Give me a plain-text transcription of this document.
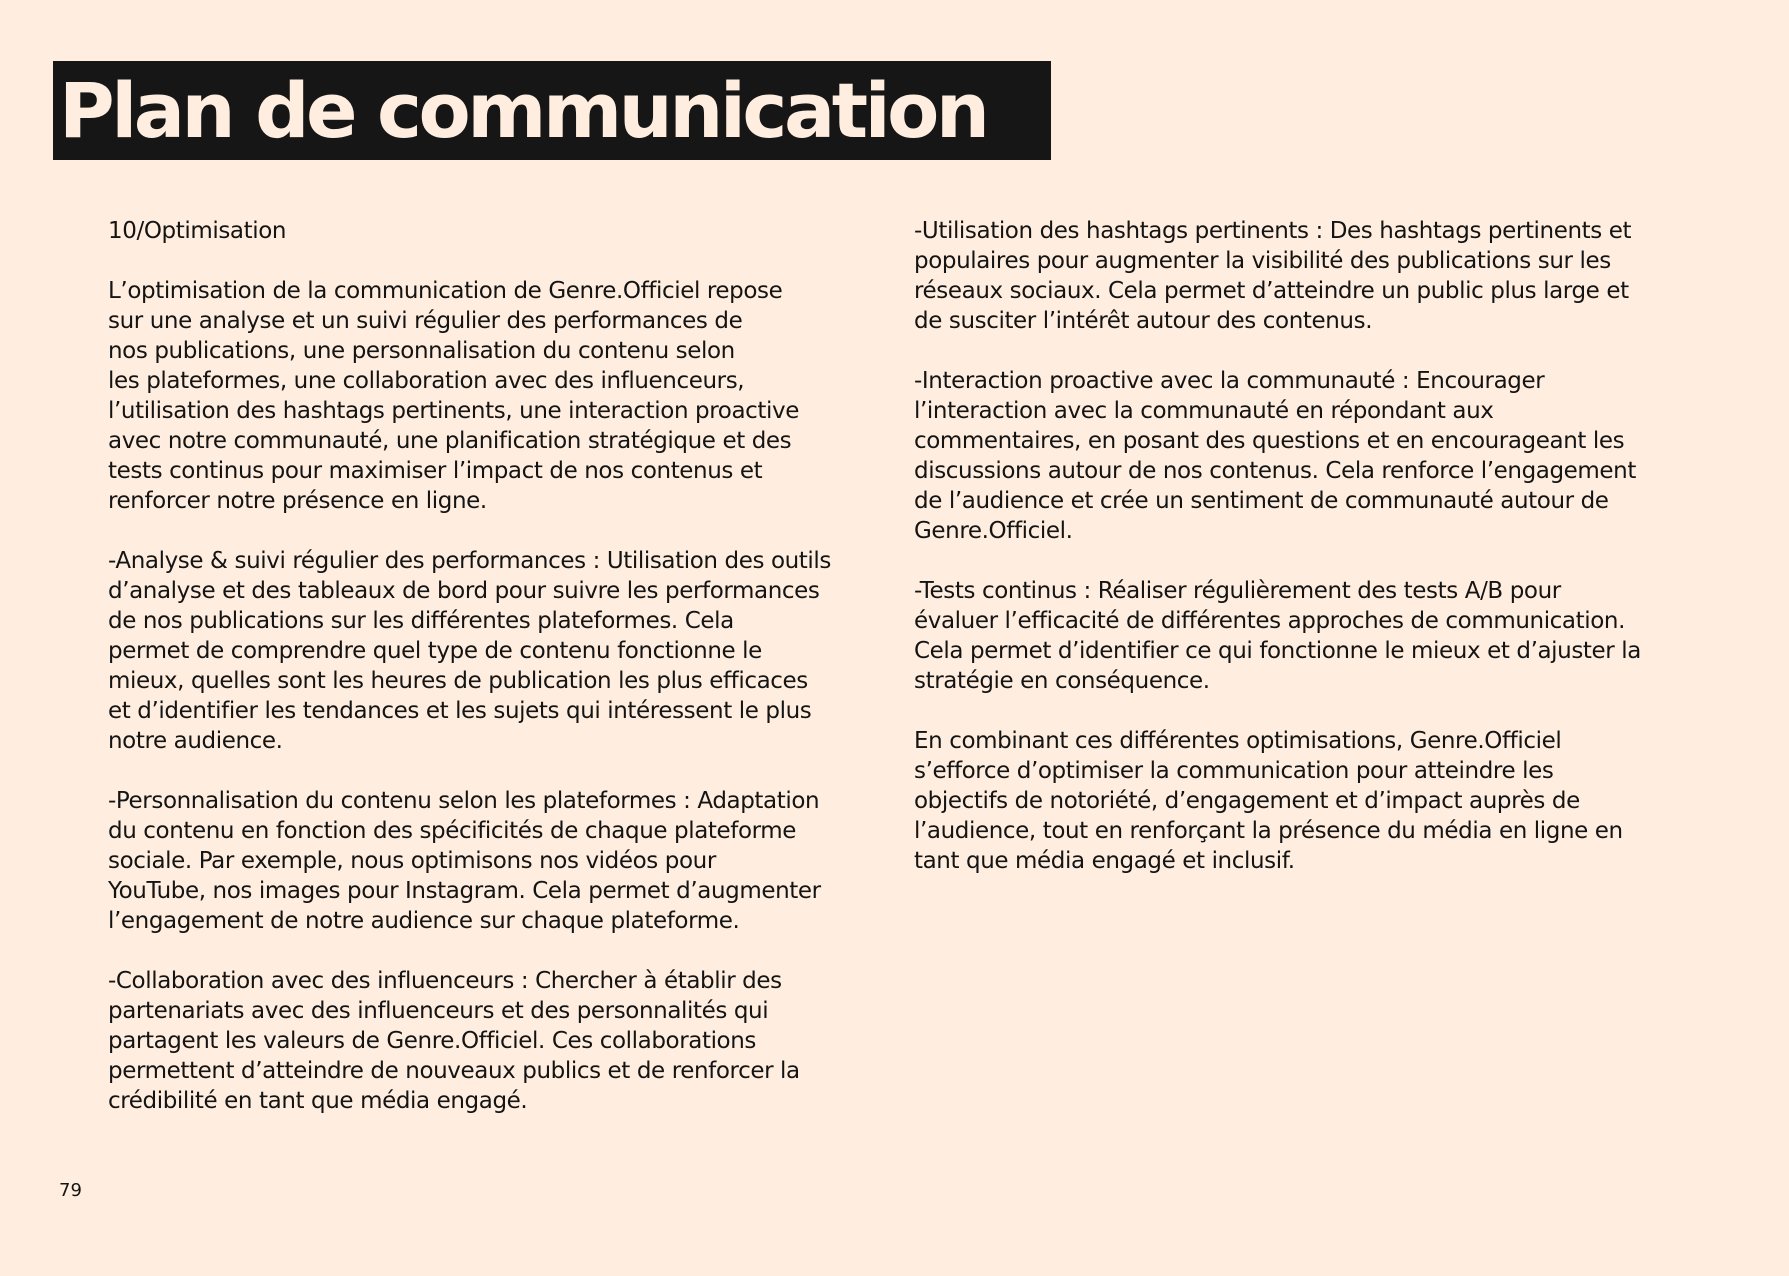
Plan de communication

10/Optimisation

L’optimisation de la communication de Genre.Officiel repose
sur une analyse et un suivi régulier des performances de
nos publications, une personnalisation du contenu selon
les plateformes, une collaboration avec des influenceurs,
l’utilisation des hashtags pertinents, une interaction proactive
avec notre communauté, une planification stratégique et des
tests continus pour maximiser l’impact de nos contenus et
renforcer notre présence en ligne.

-Analyse & suivi régulier des performances : Utilisation des outils
d’analyse et des tableaux de bord pour suivre les performances
de nos publications sur les différentes plateformes. Cela
permet de comprendre quel type de contenu fonctionne le
mieux, quelles sont les heures de publication les plus efficaces
et d’identifier les tendances et les sujets qui intéressent le plus
notre audience.

-Personnalisation du contenu selon les plateformes : Adaptation
du contenu en fonction des spécificités de chaque plateforme
sociale. Par exemple, nous optimisons nos vidéos pour
YouTube, nos images pour Instagram. Cela permet d’augmenter
l’engagement de notre audience sur chaque plateforme.

-Collaboration avec des influenceurs : Chercher à établir des
partenariats avec des influenceurs et des personnalités qui
partagent les valeurs de Genre.Officiel. Ces collaborations
permettent d’atteindre de nouveaux publics et de renforcer la
crédibilité en tant que média engagé.

-Utilisation des hashtags pertinents : Des hashtags pertinents et
populaires pour augmenter la visibilité des publications sur les
réseaux sociaux. Cela permet d’atteindre un public plus large et
de susciter l’intérêt autour des contenus.

-Interaction proactive avec la communauté : Encourager
l’interaction avec la communauté en répondant aux
commentaires, en posant des questions et en encourageant les
discussions autour de nos contenus. Cela renforce l’engagement
de l’audience et crée un sentiment de communauté autour de
Genre.Officiel.

-Tests continus : Réaliser régulièrement des tests A/B pour
évaluer l’efficacité de différentes approches de communication.
Cela permet d’identifier ce qui fonctionne le mieux et d’ajuster la
stratégie en conséquence.

En combinant ces différentes optimisations, Genre.Officiel
s’efforce d’optimiser la communication pour atteindre les
objectifs de notoriété, d’engagement et d’impact auprès de
l’audience, tout en renforçant la présence du média en ligne en
tant que média engagé et inclusif.

79
